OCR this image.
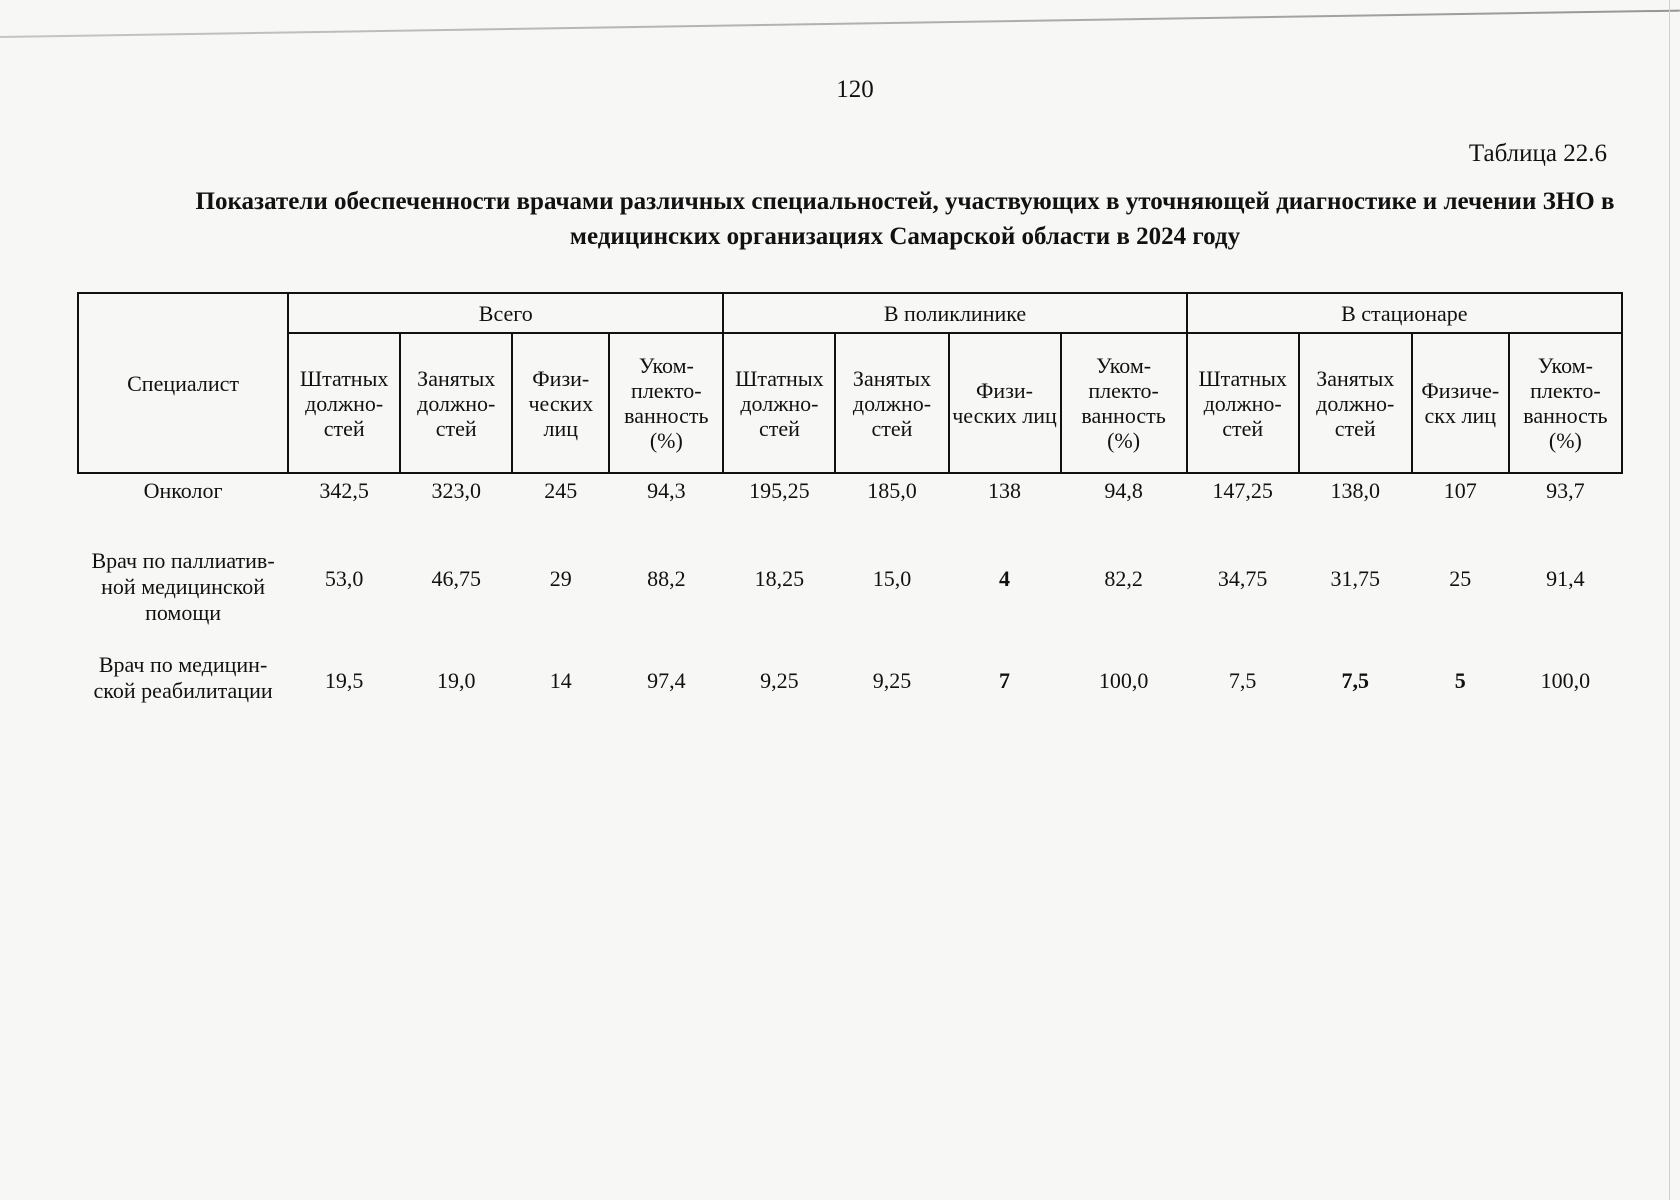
120
Таблица 22.6
Показатели обеспеченности врачами различных специальностей, участвующих в уточняющей диагностике и лечении ЗНО в медицинских организациях Самарской области в 2024 году
Специалист	Всего				В поликлинике				В стационаре			
	Штатных должно-стей	Занятых должно-стей	Физи-ческих лиц	Уком-плекто-ванность (%)	Штатных должно-стей	Занятых должно-стей	Физи-ческих лиц	Уком-плекто-ванность (%)	Штатных должно-стей	Занятых должно-стей	Физиче-скх лиц	Уком-плекто-ванность (%)
Онколог	342,5	323,0	245	94,3	195,25	185,0	138	94,8	147,25	138,0	107	93,7
Врач по паллиатив-ной медицинской помощи	53,0	46,75	29	88,2	18,25	15,0	4	82,2	34,75	31,75	25	91,4
Врач по медицин-ской реабилитации	19,5	19,0	14	97,4	9,25	9,25	7	100,0	7,5	7,5	5	100,0
